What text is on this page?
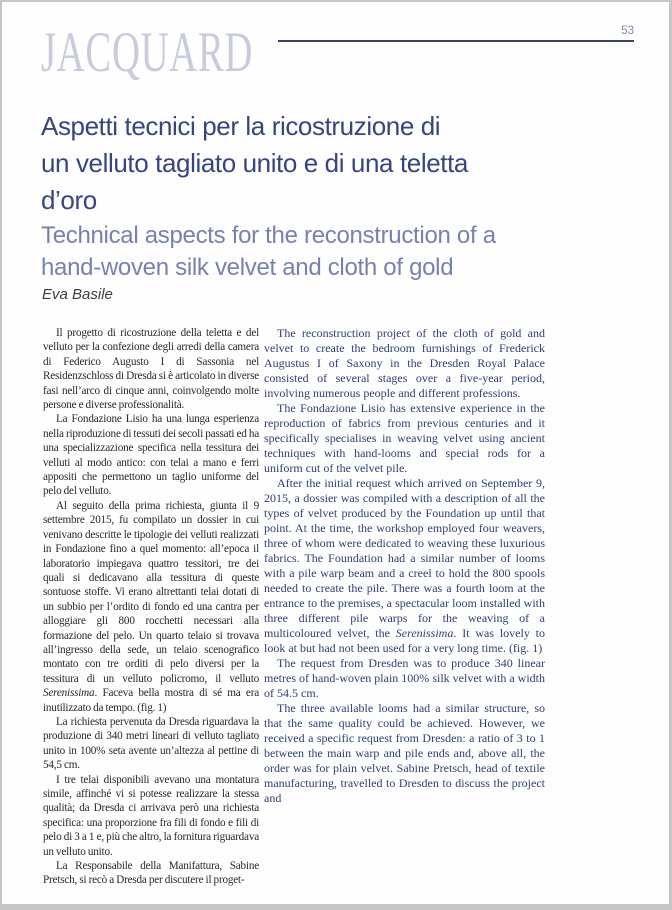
JACQUARD	53
Aspetti tecnici per la ricostruzione di
un velluto tagliato unito e di una teletta
d’oro
Technical aspects for the reconstruction of a
hand-woven silk velvet and cloth of gold
Eva Basile

Il progetto di ricostruzione della teletta e del velluto per la confezione degli arredi della camera di Federico Augusto I di Sassonia nel Residenzschloss di Dresda si è articolato in diverse fasi nell’arco di cinque anni, coinvolgendo molte persone e diverse professionalità.

La Fondazione Lisio ha una lunga esperienza nella riproduzione di tessuti dei secoli passati ed ha una specializzazione specifica nella tessitura dei velluti al modo antico: con telai a mano e ferri appositi che permettono un taglio uniforme del pelo del velluto.

Al seguito della prima richiesta, giunta il 9 settembre 2015, fu compilato un dossier in cui venivano descritte le tipologie dei velluti realizzati in Fondazione fino a quel momento: all’epoca il laboratorio impiegava quattro tessitori, tre dei quali si dedicavano alla tessitura di queste sontuose stoffe. Vi erano altrettanti telai dotati di un subbio per l’ordito di fondo ed una cantra per alloggiare gli 800 rocchetti necessari alla formazione del pelo. Un quarto telaio si trovava all’ingresso della sede, un telaio scenografico montato con tre orditi di pelo diversi per la tessitura di un velluto policromo, il velluto Serenissima. Faceva bella mostra di sé ma era inutilizzato da tempo. (fig. 1)

La richiesta pervenuta da Dresda riguardava la produzione di 340 metri lineari di velluto tagliato unito in 100% seta avente un’altezza al pettine di 54,5 cm.

I tre telai disponibili avevano una montatura simile, affinché vi si potesse realizzare la stessa qualità; da Dresda ci arrivava però una richiesta specifica: una proporzione fra fili di fondo e fili di pelo di 3 a 1 e, più che altro, la fornitura riguardava un velluto unito.

La Responsabile della Manifattura, Sabine Pretsch, si recò a Dresda per discutere il proget-

The reconstruction project of the cloth of gold and velvet to create the bedroom furnishings of Frederick Augustus I of Saxony in the Dresden Royal Palace consisted of several stages over a five-year period, involving numerous people and different professions.

The Fondazione Lisio has extensive experience in the reproduction of fabrics from previous centuries and it specifically specialises in weaving velvet using ancient techniques with hand-looms and special rods for a uniform cut of the velvet pile.

After the initial request which arrived on September 9, 2015, a dossier was compiled with a description of all the types of velvet produced by the Foundation up until that point. At the time, the workshop employed four weavers, three of whom were dedicated to weaving these luxurious fabrics. The Foundation had a similar number of looms with a pile warp beam and a creel to hold the 800 spools needed to create the pile. There was a fourth loom at the entrance to the premises, a spectacular loom installed with three different pile warps for the weaving of a multicoloured velvet, the Serenissima. It was lovely to look at but had not been used for a very long time. (fig. 1)

The request from Dresden was to produce 340 linear metres of hand-woven plain 100% silk velvet with a width of 54.5 cm.

The three available looms had a similar structure, so that the same quality could be achieved. However, we received a specific request from Dresden: a ratio of 3 to 1 between the main warp and pile ends and, above all, the order was for plain velvet. Sabine Pretsch, head of textile manufacturing, travelled to Dresden to discuss the project and
